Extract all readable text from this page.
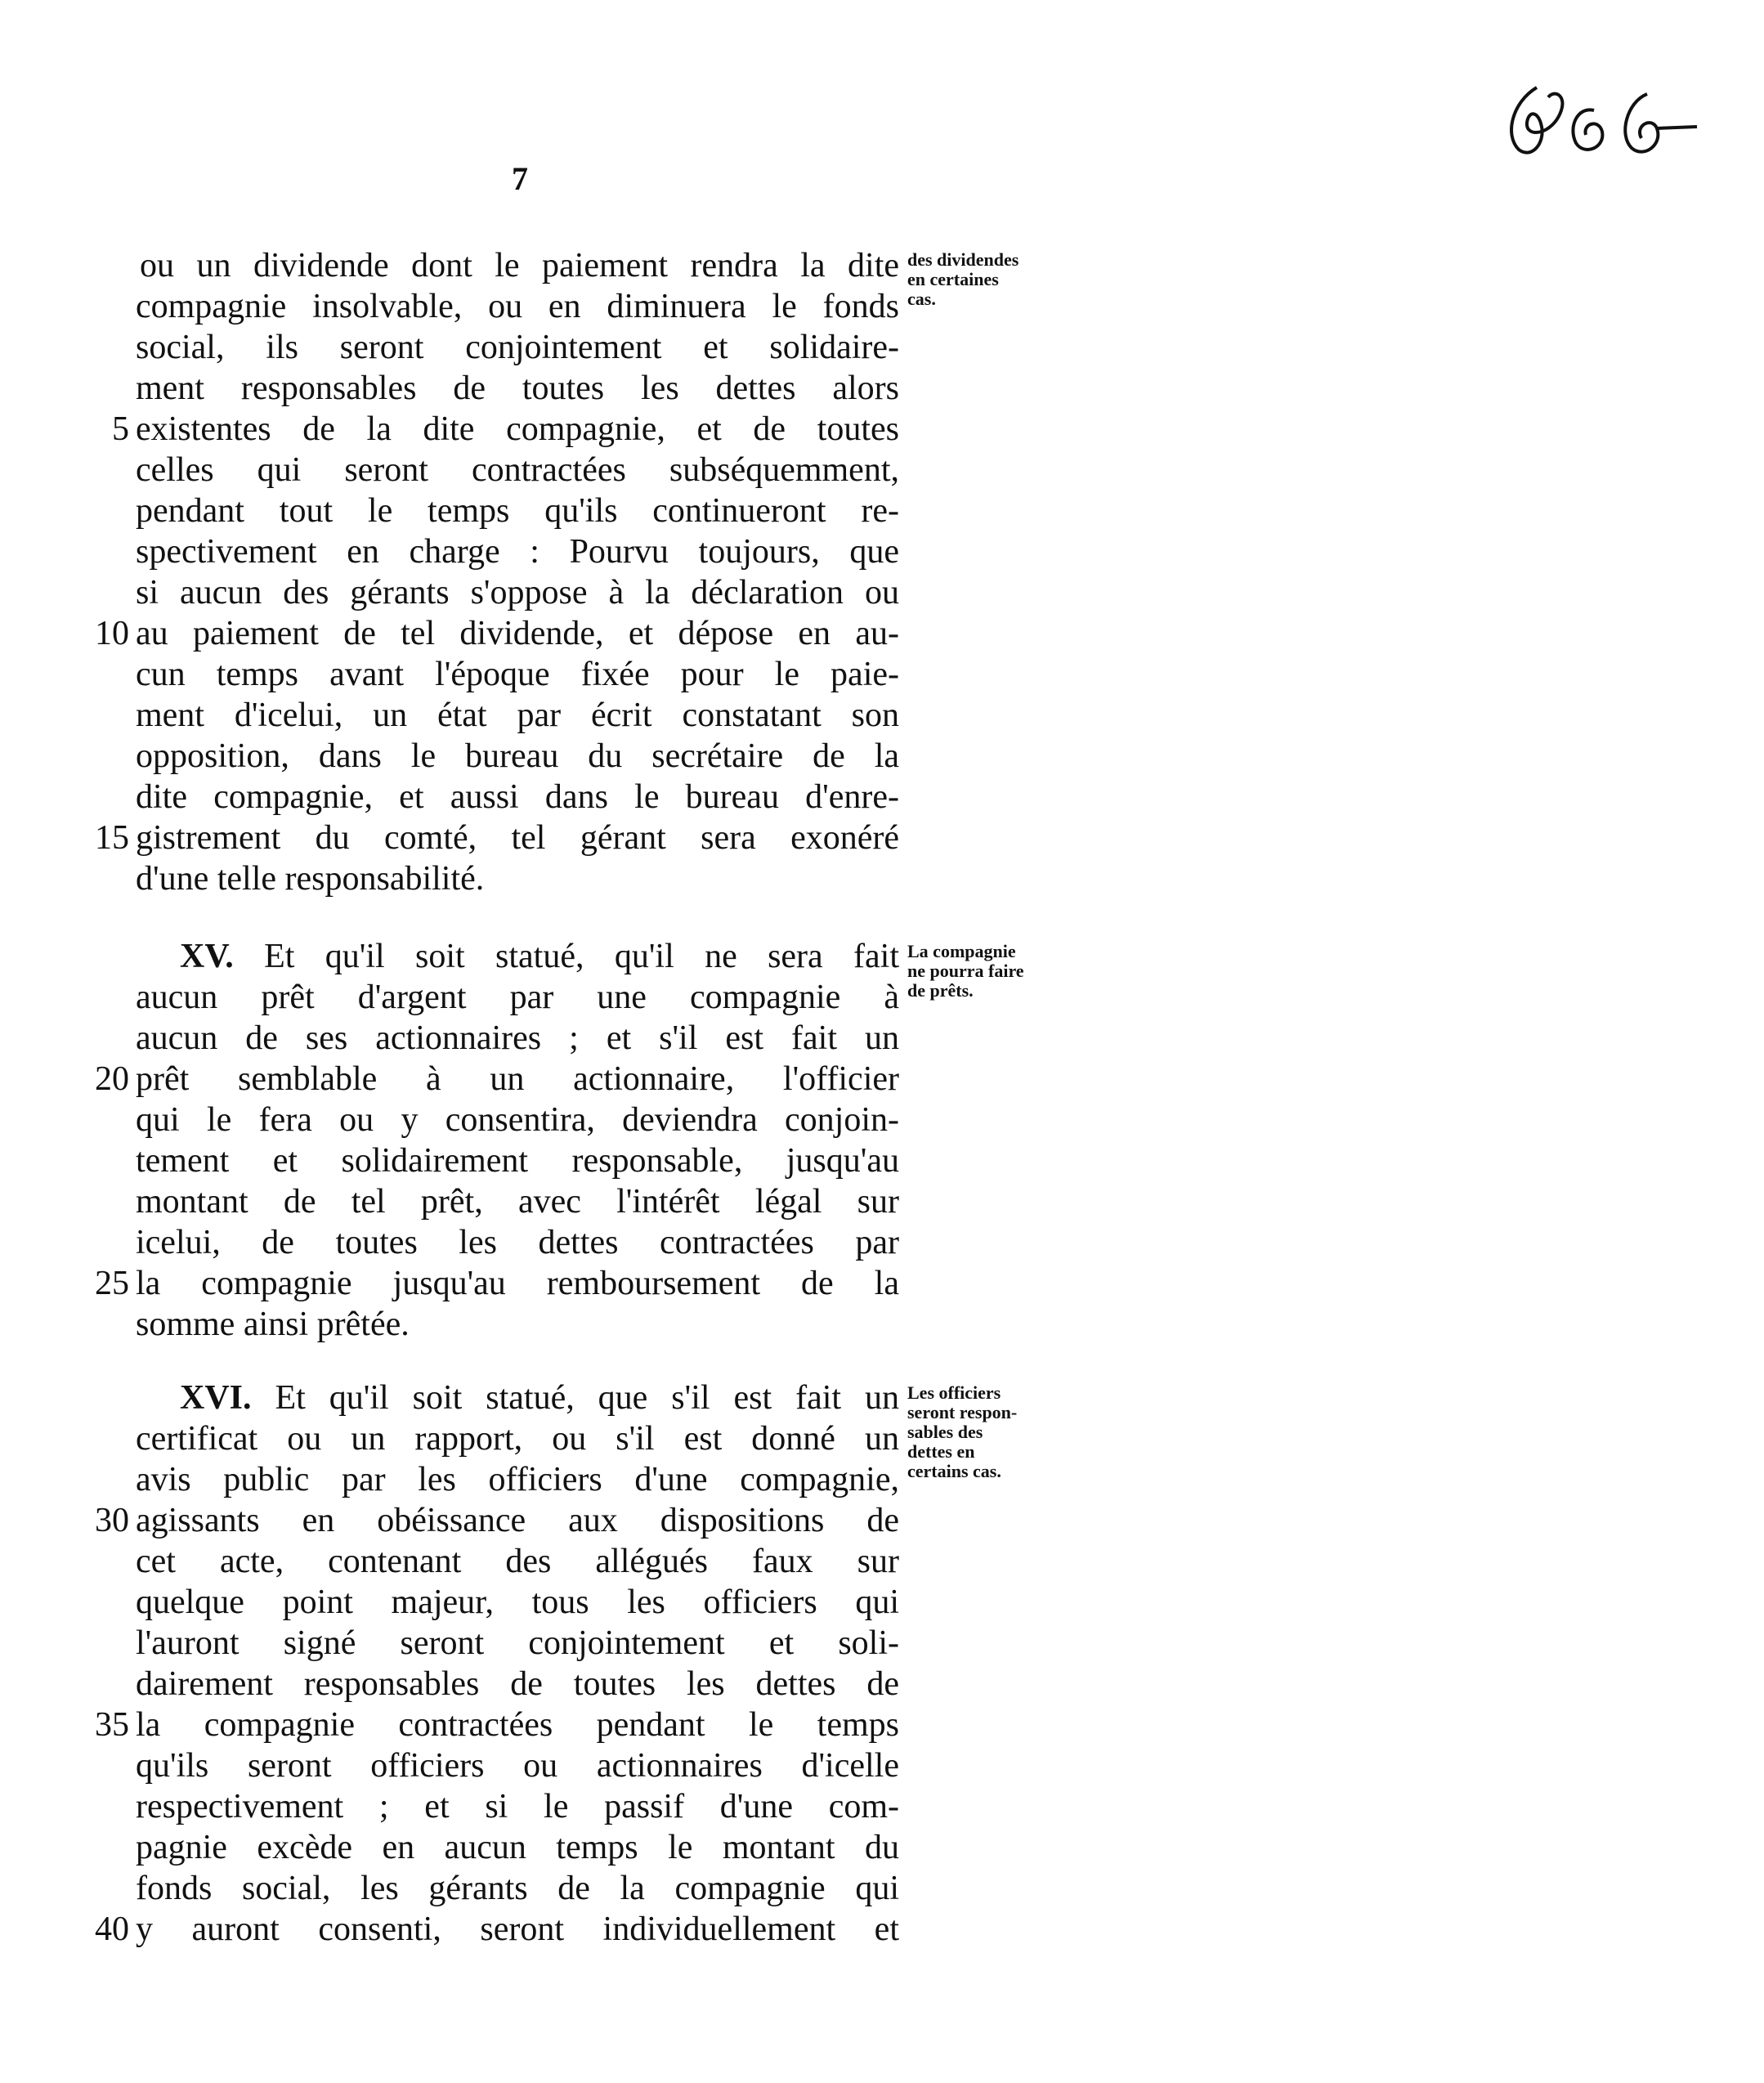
7
ou un dividende dont le paiement rendra la dite
compagnie insolvable, ou en diminuera le fonds
social, ils seront conjointement et solidaire-
ment responsables de toutes les dettes alors
existentes de la dite compagnie, et de toutes
celles qui seront contractées subséquemment,
pendant tout le temps qu'ils continueront re-
spectivement en charge : Pourvu toujours, que
si aucun des gérants s'oppose à la déclaration ou
au paiement de tel dividende, et dépose en au-
cun temps avant l'époque fixée pour le paie-
ment d'icelui, un état par écrit constatant son
opposition, dans le bureau du secrétaire de la
dite compagnie, et aussi dans le bureau d'enre-
gistrement du comté, tel gérant sera exonéré
d'une telle responsabilité.
XV. Et qu'il soit statué, qu'il ne sera fait
aucun prêt d'argent par une compagnie à
aucun de ses actionnaires ; et s'il est fait un
prêt semblable à un actionnaire, l'officier
qui le fera ou y consentira, deviendra conjoin-
tement et solidairement responsable, jusqu'au
montant de tel prêt, avec l'intérêt légal sur
icelui, de toutes les dettes contractées par
la compagnie jusqu'au remboursement de la
somme ainsi prêtée.
XVI. Et qu'il soit statué, que s'il est fait un
certificat ou un rapport, ou s'il est donné un
avis public par les officiers d'une compagnie,
agissants en obéissance aux dispositions de
cet acte, contenant des allégués faux sur
quelque point majeur, tous les officiers qui
l'auront signé seront conjointement et soli-
dairement responsables de toutes les dettes de
la compagnie contractées pendant le temps
qu'ils seront officiers ou actionnaires d'icelle
respectivement ; et si le passif d'une com-
pagnie excède en aucun temps le montant du
fonds social, les gérants de la compagnie qui
y auront consenti, seront individuellement et
5
10
15
20
25
30
35
40
des dividendes
en certaines
cas.
La compagnie
ne pourra faire
de prêts.
Les officiers
seront respon-
sables des
dettes en
certains cas.
